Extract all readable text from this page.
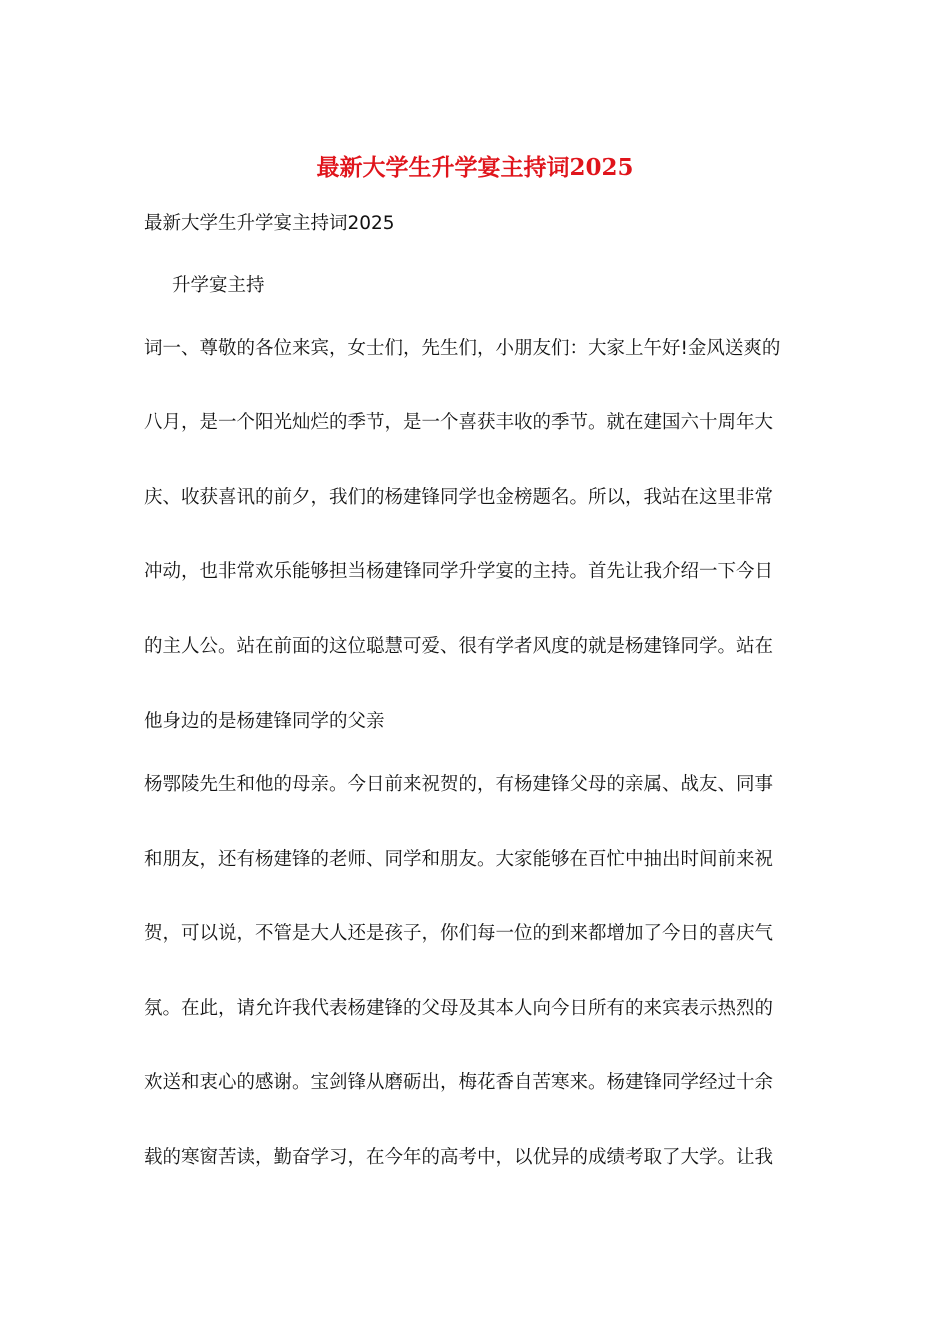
最新大学生升学宴主持词2025
最新大学生升学宴主持词2025
升学宴主持
词一、尊敬的各位来宾，女士们，先生们，小朋友们：大家上午好!金风送爽的
八月，是一个阳光灿烂的季节，是一个喜获丰收的季节。就在建国六十周年大
庆、收获喜讯的前夕，我们的杨建锋同学也金榜题名。所以，我站在这里非常
冲动，也非常欢乐能够担当杨建锋同学升学宴的主持。首先让我介绍一下今日
的主人公。站在前面的这位聪慧可爱、很有学者风度的就是杨建锋同学。站在
他身边的是杨建锋同学的父亲
杨鄂陵先生和他的母亲。今日前来祝贺的，有杨建锋父母的亲属、战友、同事
和朋友，还有杨建锋的老师、同学和朋友。大家能够在百忙中抽出时间前来祝
贺，可以说，不管是大人还是孩子，你们每一位的到来都增加了今日的喜庆气
氛。在此，请允许我代表杨建锋的父母及其本人向今日所有的来宾表示热烈的
欢送和衷心的感谢。宝剑锋从磨砺出，梅花香自苦寒来。杨建锋同学经过十余
载的寒窗苦读，勤奋学习，在今年的高考中，以优异的成绩考取了大学。让我
